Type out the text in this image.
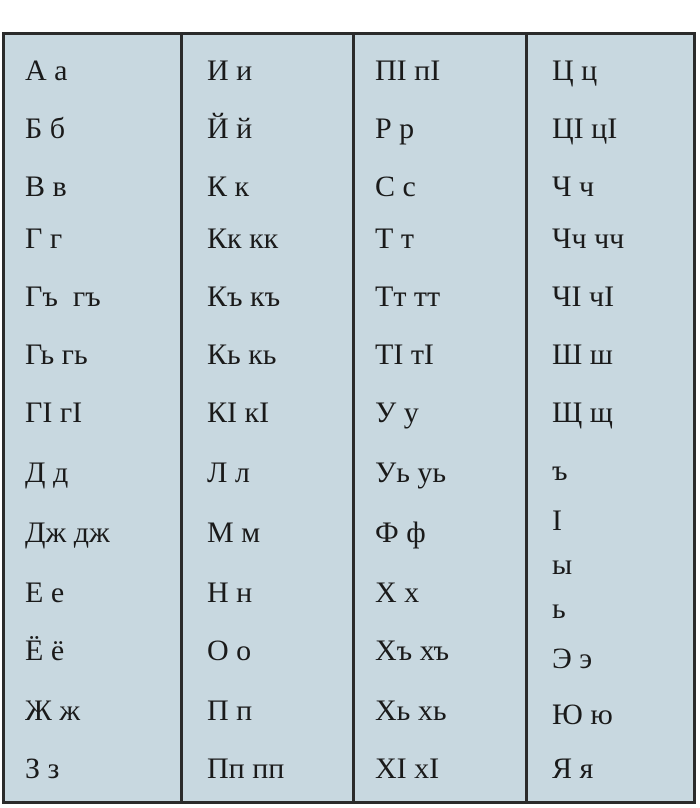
А а
Б б
В в
Г г
Гъ  гъ
Гь гь
ГI гI
Д д
Дж дж
Е е
Ё ё
Ж ж
З з
И и
Й й
К к
Кк кк
Къ къ
Кь кь
КI кI
Л л
М м
Н н
О о
П п
Пп пп
ПI пI
Р р
С с
Т т
Тт тт
ТI тI
У у
Уь уь
Ф ф
Х х
Хъ хъ
Хь хь
ХI хI
Ц ц
ЦI цI
Ч ч
Чч чч
ЧI чI
Ш ш
Щ щ
ъ
I
ы
ь
Э э
Ю ю
Я я
